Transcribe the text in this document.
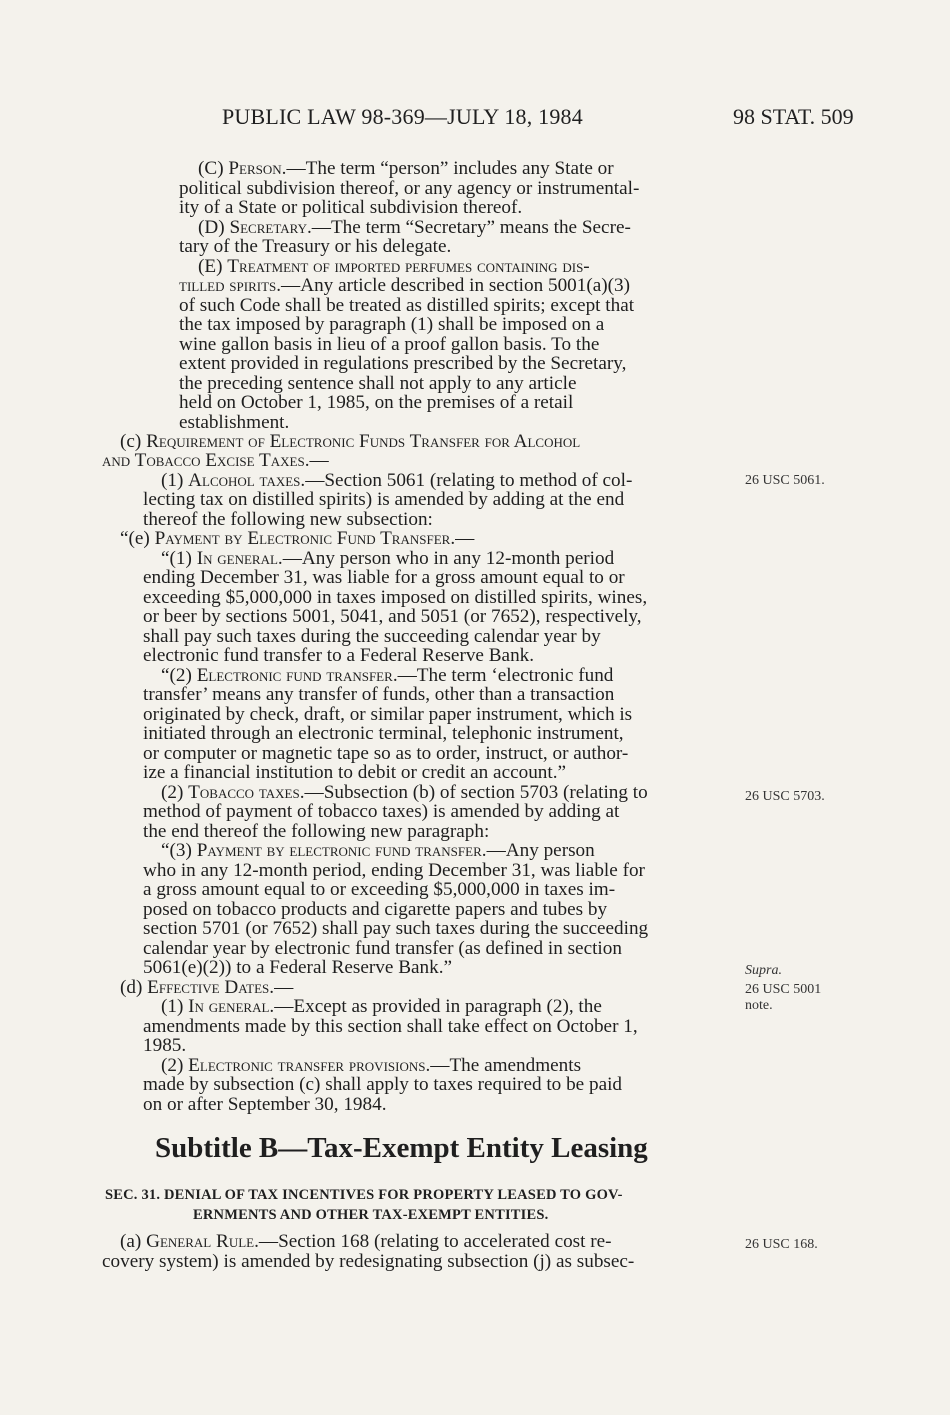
PUBLIC LAW 98-369—JULY 18, 1984	98 STAT. 509
(C) Person.—The term “person” includes any State or
political subdivision thereof, or any agency or instrumental-
ity of a State or political subdivision thereof.
(D) Secretary.—The term “Secretary” means the Secre-
tary of the Treasury or his delegate.
(E) Treatment of imported perfumes containing dis-
tilled spirits.—Any article described in section 5001(a)(3)
of such Code shall be treated as distilled spirits; except that
the tax imposed by paragraph (1) shall be imposed on a
wine gallon basis in lieu of a proof gallon basis. To the
extent provided in regulations prescribed by the Secretary,
the preceding sentence shall not apply to any article
held on October 1, 1985, on the premises of a retail
establishment.
(c) Requirement of Electronic Funds Transfer for Alcohol
and Tobacco Excise Taxes.—
(1) Alcohol taxes.—Section 5061 (relating to method of col-
lecting tax on distilled spirits) is amended by adding at the end
thereof the following new subsection:
“(e) Payment by Electronic Fund Transfer.—
“(1) In general.—Any person who in any 12-month period
ending December 31, was liable for a gross amount equal to or
exceeding $5,000,000 in taxes imposed on distilled spirits, wines,
or beer by sections 5001, 5041, and 5051 (or 7652), respectively,
shall pay such taxes during the succeeding calendar year by
electronic fund transfer to a Federal Reserve Bank.
“(2) Electronic fund transfer.—The term ‘electronic fund
transfer’ means any transfer of funds, other than a transaction
originated by check, draft, or similar paper instrument, which is
initiated through an electronic terminal, telephonic instrument,
or computer or magnetic tape so as to order, instruct, or author-
ize a financial institution to debit or credit an account.”
(2) Tobacco taxes.—Subsection (b) of section 5703 (relating to
method of payment of tobacco taxes) is amended by adding at
the end thereof the following new paragraph:
“(3) Payment by electronic fund transfer.—Any person
who in any 12-month period, ending December 31, was liable for
a gross amount equal to or exceeding $5,000,000 in taxes im-
posed on tobacco products and cigarette papers and tubes by
section 5701 (or 7652) shall pay such taxes during the succeeding
calendar year by electronic fund transfer (as defined in section
5061(e)(2)) to a Federal Reserve Bank.”
(d) Effective Dates.—
(1) In general.—Except as provided in paragraph (2), the
amendments made by this section shall take effect on October 1,
1985.
(2) Electronic transfer provisions.—The amendments
made by subsection (c) shall apply to taxes required to be paid
on or after September 30, 1984.
(a) General Rule.—Section 168 (relating to accelerated cost re-
covery system) is amended by redesignating subsection (j) as subsec-
Subtitle B—Tax-Exempt Entity Leasing
SEC. 31. DENIAL OF TAX INCENTIVES FOR PROPERTY LEASED TO GOV-
ERNMENTS AND OTHER TAX-EXEMPT ENTITIES.
26 USC 5061.
26 USC 5703.
Supra.
26 USC 5001
note.
26 USC 168.
